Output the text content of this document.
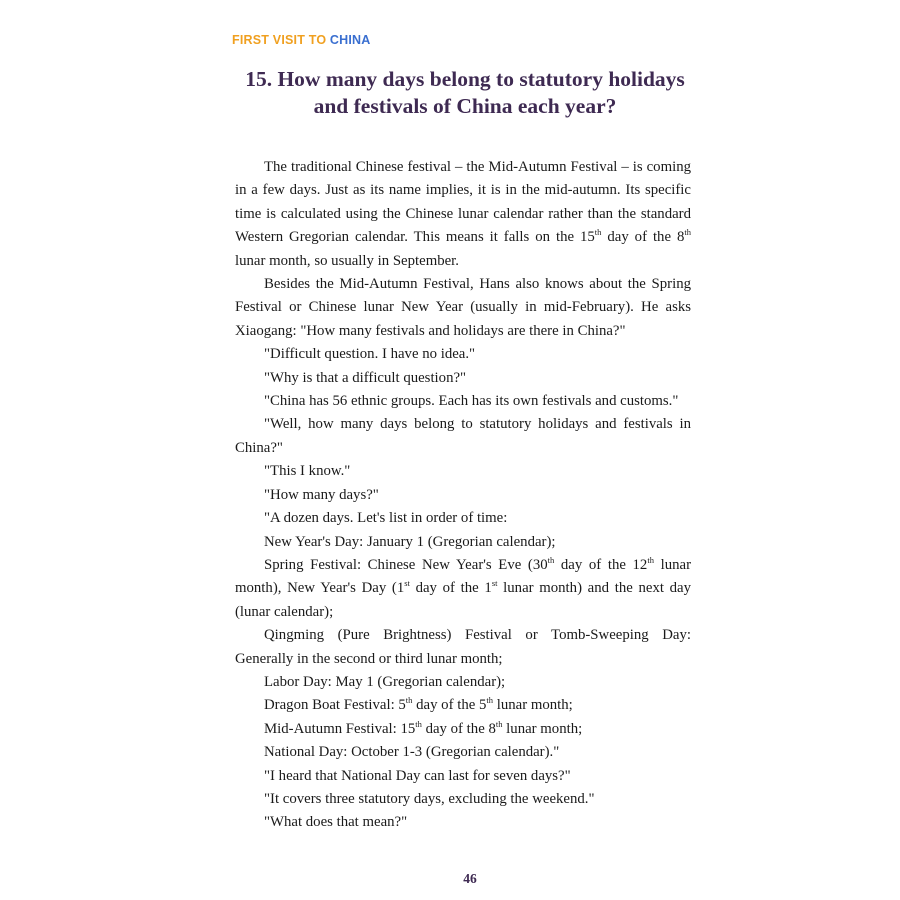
FIRST VISIT TO CHINA
15. How many days belong to statutory holidays
and festivals of China each year?

The traditional Chinese festival – the Mid-Autumn Festival – is coming in a few days. Just as its name implies, it is in the mid-autumn. Its specific time is calculated using the Chinese lunar calendar rather than the standard Western Gregorian calendar. This means it falls on the 15th day of the 8th lunar month, so usually in September.

Besides the Mid-Autumn Festival, Hans also knows about the Spring Festival or Chinese lunar New Year (usually in mid-February). He asks Xiaogang: "How many festivals and holidays are there in China?"

"Difficult question. I have no idea."

"Why is that a difficult question?"

"China has 56 ethnic groups. Each has its own festivals and customs."

"Well, how many days belong to statutory holidays and festivals in China?"

"This I know."

"How many days?"

"A dozen days. Let's list in order of time:

New Year's Day: January 1 (Gregorian calendar);

Spring Festival: Chinese New Year's Eve (30th day of the 12th lunar month), New Year's Day (1st day of the 1st lunar month) and the next day (lunar calendar);

Qingming (Pure Brightness) Festival or Tomb-Sweeping Day: Generally in the second or third lunar month;

Labor Day: May 1 (Gregorian calendar);

Dragon Boat Festival: 5th day of the 5th lunar month;

Mid-Autumn Festival: 15th day of the 8th lunar month;

National Day: October 1-3 (Gregorian calendar)."

"I heard that National Day can last for seven days?"

"It covers three statutory days, excluding the weekend."

"What does that mean?"

46
